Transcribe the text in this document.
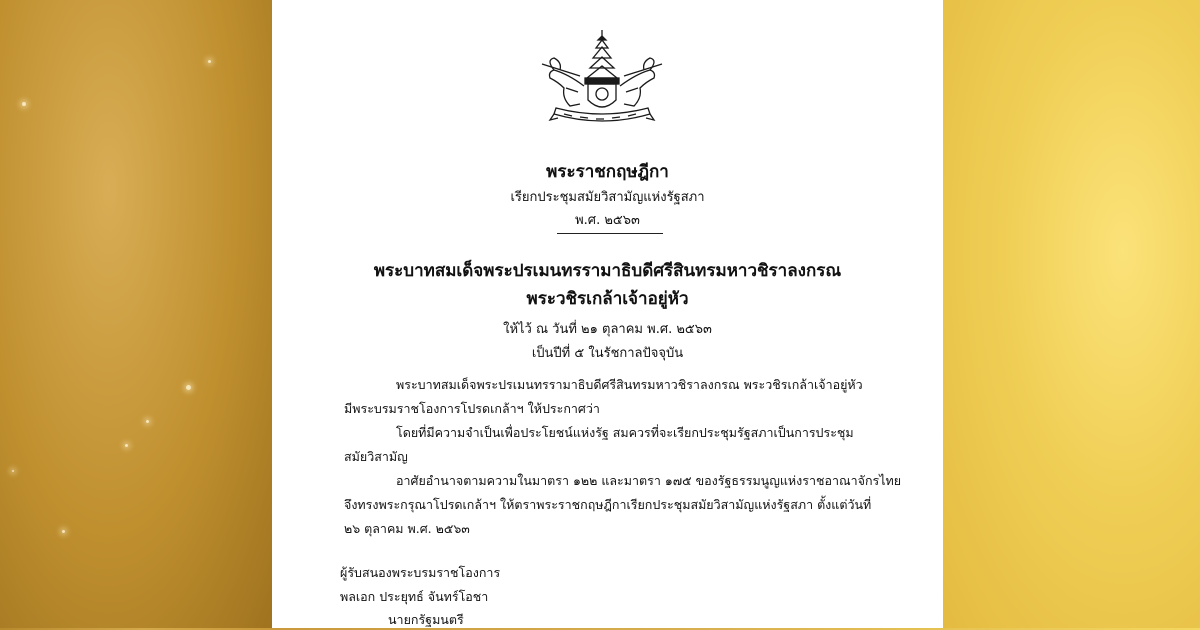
พระราชกฤษฎีกา
เรียกประชุมสมัยวิสามัญแห่งรัฐสภา
พ.ศ. ๒๕๖๓
พระบาทสมเด็จพระปรเมนทรรามาธิบดีศรีสินทรมหาวชิราลงกรณ
พระวชิรเกล้าเจ้าอยู่หัว
ให้ไว้ ณ วันที่ ๒๑ ตุลาคม พ.ศ. ๒๕๖๓
เป็นปีที่ ๕ ในรัชกาลปัจจุบัน
พระบาทสมเด็จพระปรเมนทรรามาธิบดีศรีสินทรมหาวชิราลงกรณ พระวชิรเกล้าเจ้าอยู่หัว
มีพระบรมราชโองการโปรดเกล้าฯ ให้ประกาศว่า
โดยที่มีความจำเป็นเพื่อประโยชน์แห่งรัฐ สมควรที่จะเรียกประชุมรัฐสภาเป็นการประชุม
สมัยวิสามัญ
อาศัยอำนาจตามความในมาตรา ๑๒๒ และมาตรา ๑๗๕ ของรัฐธรรมนูญแห่งราชอาณาจักรไทย
จึงทรงพระกรุณาโปรดเกล้าฯ ให้ตราพระราชกฤษฎีกาเรียกประชุมสมัยวิสามัญแห่งรัฐสภา ตั้งแต่วันที่
๒๖ ตุลาคม พ.ศ. ๒๕๖๓
ผู้รับสนองพระบรมราชโองการ
พลเอก ประยุทธ์ จันทร์โอชา
นายกรัฐมนตรี
